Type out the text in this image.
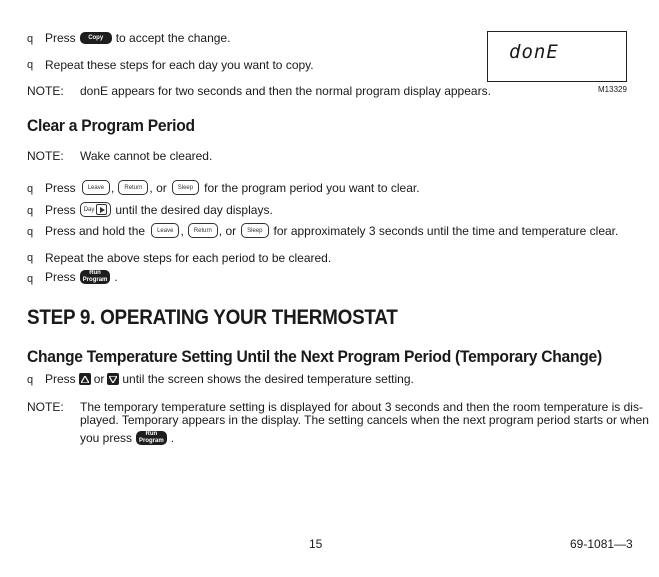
q Press Copy to accept the change.
q Repeat these steps for each day you want to copy.
NOTE: donE appears for two seconds and then the normal program display appears.
donE
M13329
Clear a Program Period
NOTE: Wake cannot be cleared.
q Press	Leave ,	Return , or	Sleep for the program period you want to clear.
q Press Day until the desired day displays.
q Press and hold the	Leave ,	Return , or	Sleep for approximately 3 seconds until the time and temperature clear.
q Repeat the above steps for each period to be cleared.
q Press Run
Program .
STEP 9. OPERATING YOUR THERMOSTAT
Change Temperature Setting Until the Next Program Period (Temporary Change)
q Press or until the screen shows the desired temperature setting.
NOTE: The temporary temperature setting is displayed for about 3 seconds and then the room temperature is dis-
played. Temporary appears in the display. The setting cancels when the next program period starts or when
you press Run
Program .
15	69-1081—3
